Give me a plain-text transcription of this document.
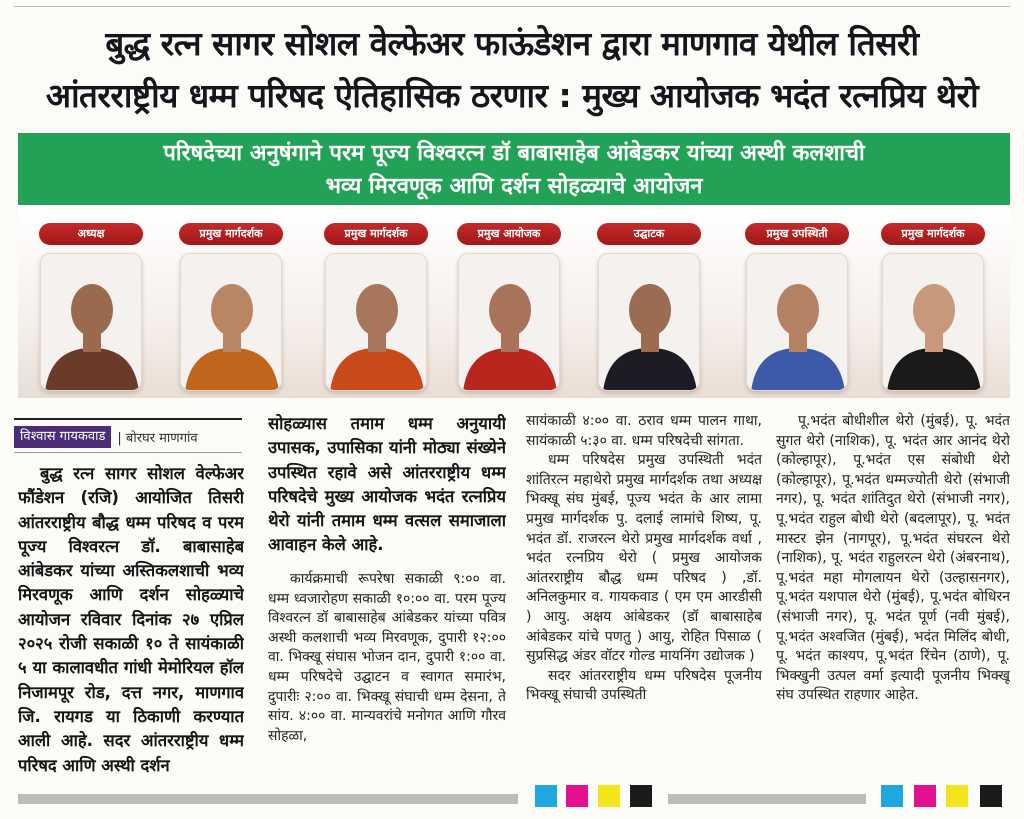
बुद्ध रत्न सागर सोशल वेल्फेअर फाऊंडेशन द्वारा माणगाव येथील तिसरी
आंतरराष्ट्रीय धम्म परिषद ऐतिहासिक ठरणार : मुख्य आयोजक भदंत रत्नप्रिय थेरो
परिषदेच्या अनुषंगाने परम पूज्य विश्वरत्न डॉ बाबासाहेब आंबेडकर यांच्या अस्थी कलशाची
भव्य मिरवणूक आणि दर्शन सोहळ्याचे आयोजन
अध्यक्ष	प्रमुख मार्गदर्शक	प्रमुख मार्गदर्शक	प्रमुख आयोजक	उद्घाटक	प्रमुख उपस्थिती	प्रमुख मार्गदर्शक
विश्वास गायकवाड | बोरघर माणगांव

बुद्ध रत्न सागर सोशल वेल्फेअर फौंडेशन (रजि) आयोजित तिसरी आंतरराष्ट्रीय बौद्ध धम्म परिषद व परम पूज्य विश्वरत्न डॉ. बाबासाहेब आंबेडकर यांच्या अस्तिकलशाची भव्य मिरवणूक आणि दर्शन सोहळ्याचे आयोजन रविवार दिनांक २७ एप्रिल २०२५ रोजी सकाळी १० ते सायंकाळी ५ या कालावधीत गांधी मेमोरियल हॉल निजामपूर रोड, दत्त नगर, माणगाव जि. रायगड या ठिकाणी करण्यात आली आहे. सदर आंतरराष्ट्रीय धम्म परिषद आणि अस्थी दर्शन

सोहळ्यास तमाम धम्म अनुयायी उपासक, उपासिका यांनी मोठ्या संख्येने उपस्थित रहावे असे आंतरराष्ट्रीय धम्म परिषदेचे मुख्य आयोजक भदंत रत्नप्रिय थेरो यांनी तमाम धम्म वत्सल समाजाला आवाहन केले आहे.

कार्यक्रमाची रूपरेषा सकाळी ९:०० वा. धम्म ध्वजारोहण सकाळी १०:०० वा. परम पूज्य विश्वरत्न डॉ बाबासाहेब आंबेडकर यांच्या पवित्र अस्थी कलशाची भव्य मिरवणूक, दुपारी १२:०० वा. भिक्खू संघास भोजन दान, दुपारी १:०० वा. धम्म परिषदेचे उद्घाटन व स्वागत समारंभ, दुपारीः २:०० वा. भिक्खू संघाची धम्म देसना, ते सांय. ४:०० वा. मान्यवरांचे मनोगत आणि गौरव सोहळा,

सायंकाळी ४:०० वा. ठराव धम्म पालन गाथा, सायंकाळी ५:३० वा. धम्म परिषदेची सांगता.

धम्म परिषदेस प्रमुख उपस्थिती भदंत शांतिरत्न महाथेरो प्रमुख मार्गदर्शक तथा अध्यक्ष भिक्खू संघ मुंबई, पूज्य भदंत के आर लामा प्रमुख मार्गदर्शक पु. दलाई लामांचे शिष्य, पू. भदंत डॉ. राजरत्न थेरो प्रमुख मार्गदर्शक वर्धा , भदंत रत्नप्रिय थेरो ( प्रमुख आयोजक आंतरराष्ट्रीय बौद्ध धम्म परिषद ) ,डॉ. अनिलकुमार व. गायकवाड ( एम एम आरडीसी ) आयु. अक्षय आंबेडकर (डॉ बाबासाहेब आंबेडकर यांचे पणतु ) आयु, रोहित पिसाळ ( सुप्रसिद्ध अंडर वॉटर गोल्ड मायनिंग उद्योजक )

सदर आंतरराष्ट्रीय धम्म परिषदेस पूजनीय भिक्खू संघाची उपस्थिती

पू.भदंत बोधीशील थेरो (मुंबई), पू. भदंत सुगत थेरो (नाशिक), पू. भदंत आर आनंद थेरो (कोल्हापूर), पू.भदंत एस संबोधी थेरो (कोल्हापूर), पू.भदंत धम्मज्योती थेरो (संभाजी नगर), पू. भदंत शांतिदुत थेरो (संभाजी नगर), पू.भदंत राहुल बोधी थेरो (बदलापूर), पू. भदंत मास्टर झेन (नागपूर), पू.भदंत संघरत्न थेरो (नाशिक), पू. भदंत राहुलरत्न थेरो (अंबरनाथ), पू.भदंत महा मोगलायन थेरो (उल्हासनगर), पू.भदंत यशपाल थेरो (मुंबई), पू.भदंत बोधिरन (संभाजी नगर), पू. भदंत पूर्ण (नवी मुंबई), पू.भदंत अश्वजित (मुंबई), भदंत मिलिंद बोधी, पू. भदंत काश्यप, पू.भदंत रिंचेन (ठाणे), पू. भिक्खुनी उत्पल वर्मा इत्यादी पूजनीय भिक्खू संघ उपस्थित राहणार आहेत.
